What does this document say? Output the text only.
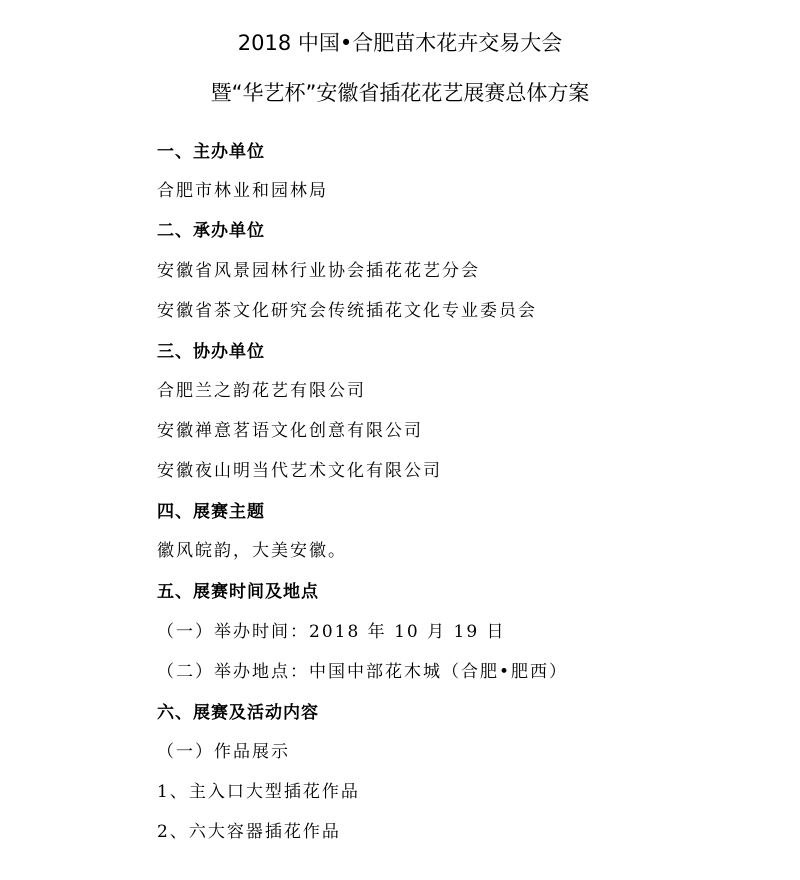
2018 中国•合肥苗木花卉交易大会
暨“华艺杯”安徽省插花花艺展赛总体方案
一、主办单位
合肥市林业和园林局
二、承办单位
安徽省风景园林行业协会插花花艺分会
安徽省茶文化研究会传统插花文化专业委员会
三、协办单位
合肥兰之韵花艺有限公司
安徽禅意茗语文化创意有限公司
安徽夜山明当代艺术文化有限公司
四、展赛主题
徽风皖韵，大美安徽。
五、展赛时间及地点
（一）举办时间：2018 年 10 月 19 日
（二）举办地点：中国中部花木城（合肥•肥西）
六、展赛及活动内容
（一）作品展示
1、主入口大型插花作品
2、六大容器插花作品
